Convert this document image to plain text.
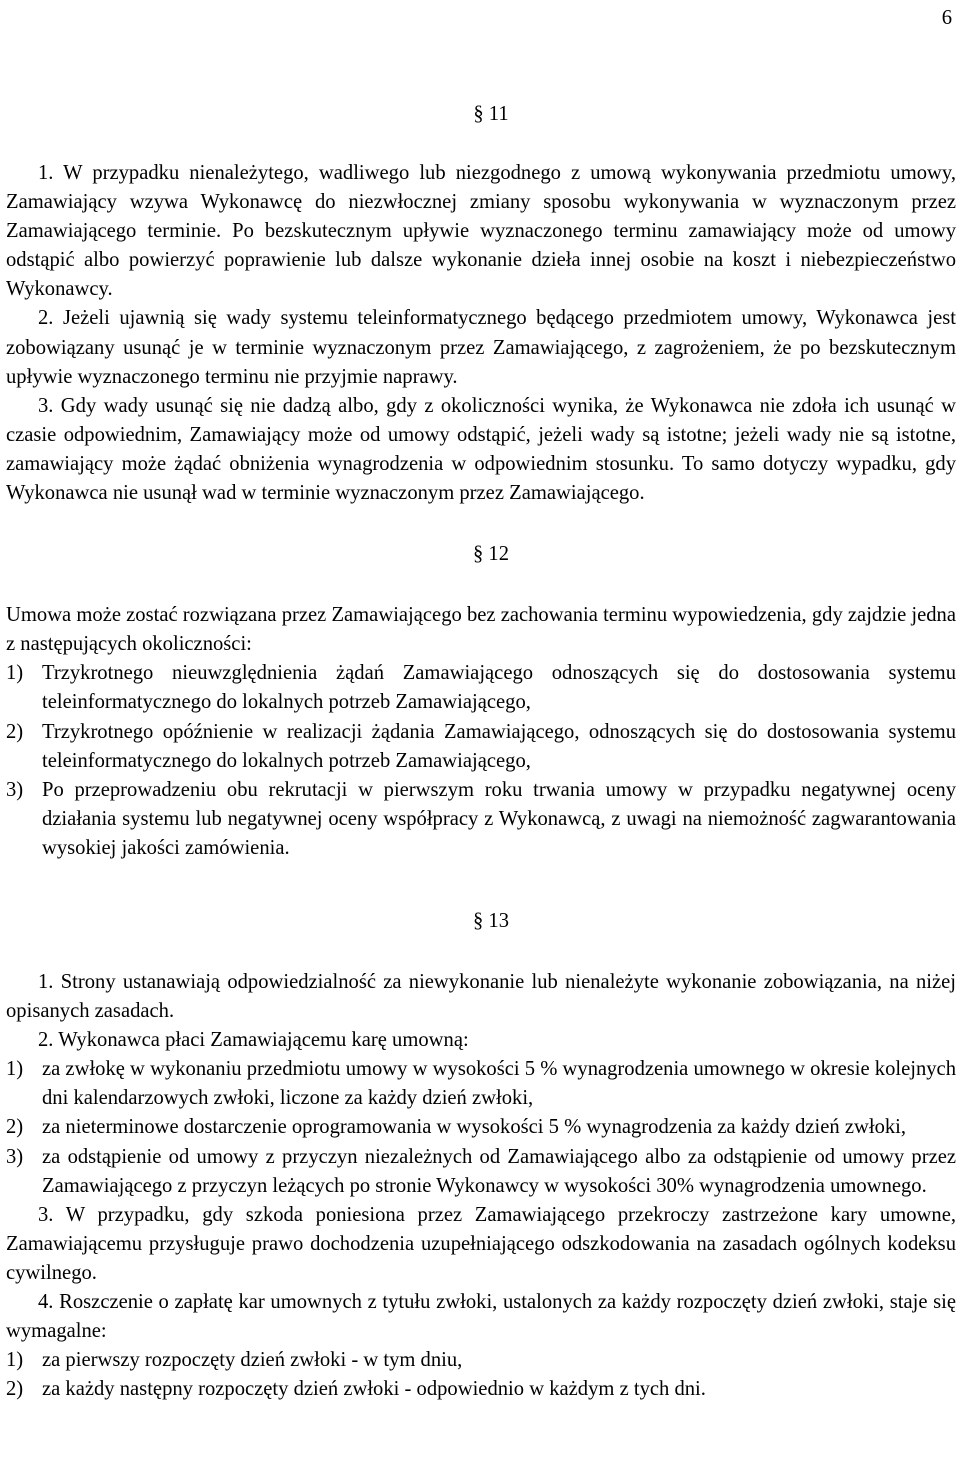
6
§ 11
1. W przypadku nienależytego, wadliwego lub niezgodnego z umową wykonywania przedmiotu umowy, Zamawiający wzywa Wykonawcę do niezwłocznej zmiany sposobu wykonywania w wyznaczonym przez Zamawiającego terminie. Po bezskutecznym upływie wyznaczonego terminu zamawiający może od umowy odstąpić albo powierzyć poprawienie lub dalsze wykonanie dzieła innej osobie na koszt i niebezpieczeństwo Wykonawcy.
2. Jeżeli ujawnią się wady systemu teleinformatycznego będącego przedmiotem umowy, Wykonawca jest zobowiązany usunąć je w terminie wyznaczonym przez Zamawiającego, z zagrożeniem, że po bezskutecznym upływie wyznaczonego terminu nie przyjmie naprawy.
3. Gdy wady usunąć się nie dadzą albo, gdy z okoliczności wynika, że Wykonawca nie zdoła ich usunąć w czasie odpowiednim, Zamawiający może od umowy odstąpić, jeżeli wady są istotne; jeżeli wady nie są istotne, zamawiający może żądać obniżenia wynagrodzenia w odpowiednim stosunku. To samo dotyczy wypadku, gdy Wykonawca nie usunął wad w terminie wyznaczonym przez Zamawiającego.
§ 12
Umowa może zostać rozwiązana przez Zamawiającego bez zachowania terminu wypowiedzenia, gdy zajdzie jedna z następujących okoliczności:
1) Trzykrotnego nieuwzględnienia żądań Zamawiającego odnoszących się do dostosowania systemu teleinformatycznego do lokalnych potrzeb Zamawiającego,
2) Trzykrotnego opóźnienie w realizacji żądania Zamawiającego, odnoszących się do dostosowania systemu teleinformatycznego do lokalnych potrzeb Zamawiającego,
3) Po przeprowadzeniu obu rekrutacji w pierwszym roku trwania umowy w przypadku negatywnej oceny działania systemu lub negatywnej oceny współpracy z Wykonawcą, z uwagi na niemożność zagwarantowania wysokiej jakości zamówienia.
§ 13
1. Strony ustanawiają odpowiedzialność za niewykonanie lub nienależyte wykonanie zobowiązania, na niżej opisanych zasadach.
2. Wykonawca płaci Zamawiającemu karę umowną:
1) za zwłokę w wykonaniu przedmiotu umowy w wysokości 5 % wynagrodzenia umownego w okresie kolejnych dni kalendarzowych zwłoki, liczone za każdy dzień zwłoki,
2) za nieterminowe dostarczenie oprogramowania w wysokości 5 % wynagrodzenia za każdy dzień zwłoki,
3) za odstąpienie od umowy z przyczyn niezależnych od Zamawiającego albo za odstąpienie od umowy przez Zamawiającego z przyczyn leżących po stronie Wykonawcy w wysokości 30% wynagrodzenia umownego.
3. W przypadku, gdy szkoda poniesiona przez Zamawiającego przekroczy zastrzeżone kary umowne, Zamawiającemu przysługuje prawo dochodzenia uzupełniającego odszkodowania na zasadach ogólnych kodeksu cywilnego.
4. Roszczenie o zapłatę kar umownych z tytułu zwłoki, ustalonych za każdy rozpoczęty dzień zwłoki, staje się wymagalne:
1) za pierwszy rozpoczęty dzień zwłoki - w tym dniu,
2) za każdy następny rozpoczęty dzień zwłoki - odpowiednio w każdym z tych dni.
